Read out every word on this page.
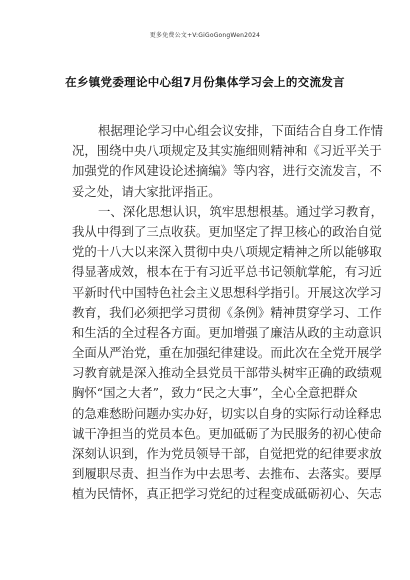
更多免费公文+V:GiGoGongWen2024
在乡镇党委理论中心组7月份集体学习会上的交流发言
根据理论学习中心组会议安排，下面结合自身工作情
况，围绕中央八项规定及其实施细则精神和《习近平关于
加强党的作风建设论述摘编》等内容，进行交流发言，不
妥之处，请大家批评指正。
一、深化思想认识，筑牢思想根基。通过学习教育，
我从中得到了三点收获。更加坚定了捍卫核心的政治自觉
党的十八大以来深入贯彻中央八项规定精神之所以能够取
得显著成效，根本在于有习近平总书记领航掌舵，有习近
平新时代中国特色社会主义思想科学指引。开展这次学习
教育，我们必须把学习贯彻《条例》精神贯穿学习、工作
和生活的全过程各方面。更加增强了廉洁从政的主动意识
全面从严治党，重在加强纪律建设。而此次在全党开展学
习教育就是深入推动全县党员干部带头树牢正确的政绩观
胸怀“国之大者”，致力“民之大事”，全心全意把群众
的急难愁盼问题办实办好，切实以自身的实际行动诠释忠
诚干净担当的党员本色。更加砥砺了为民服务的初心使命
深刻认识到，作为党员领导干部，自觉把党的纪律要求放
到履职尽责、担当作为中去思考、去推布、去落实。要厚
植为民情怀，真正把学习党纪的过程变成砥砺初心、矢志
